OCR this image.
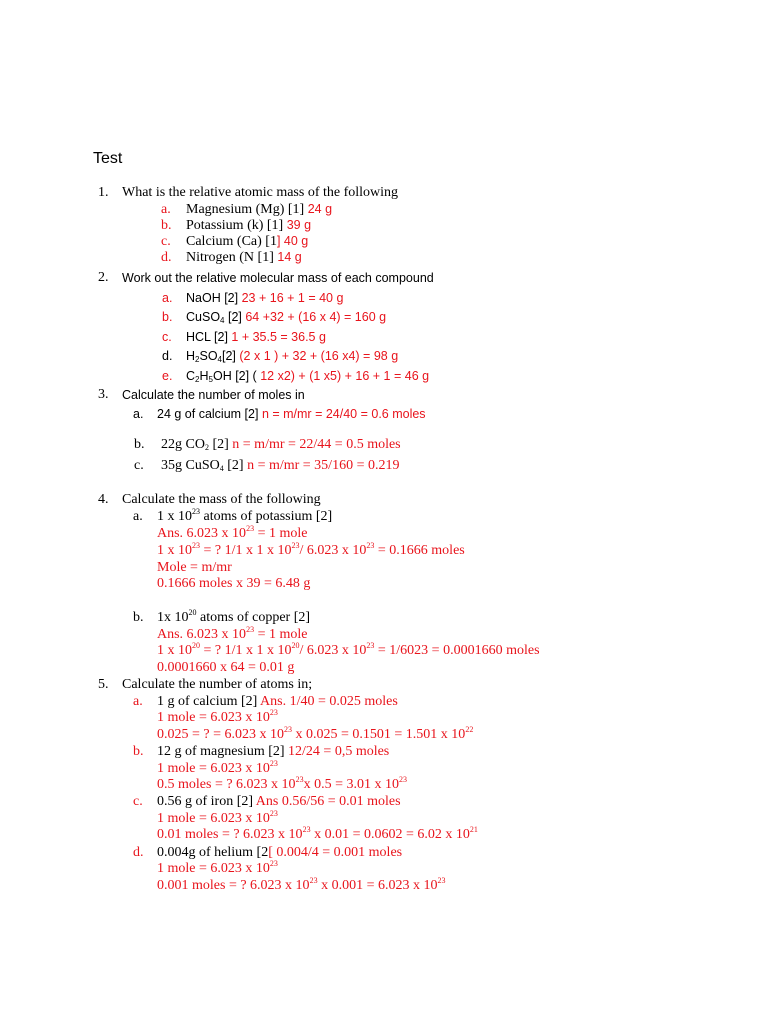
Test
1. What is the relative atomic mass of the following
a. Magnesium (Mg) [1] 24 g
b. Potassium (k) [1] 39 g
c. Calcium (Ca) [1] 40 g
d. Nitrogen (N [1] 14 g
2. Work out the relative molecular mass of each compound
a. NaOH [2] 23 + 16 + 1 = 40 g
b. CuSO$_4$ [2] 64 +32 + (16 x 4) = 160 g
c. HCL [2] 1 + 35.5 = 36.5 g
d. $H_2SO_4[2]$ (2 x 1 ) + 32 + (16 x4) = 98 g
e. $C_2H_5OH$ [2] ( 12 x2) + (1 x5) + 16 + 1 = 46 g
3. Calculate the number of moles in
a. 24 g of calcium [2] n = m/mr = 24/40 = 0.6 moles
b. 22g $CO_2$ [2] n = m/mr = 22/44 = 0.5 moles
c. 35g CuSO$_4$ [2] n = m/mr = 35/160 = 0.219
4. Calculate the mass of the following
a. 1 x $10^{23}$ atoms of potassium [2]
Ans. 6.023 x $10^{23} = 1$ mole
1 x $10^{23}$ = ? 1/1 x 1 x $10^{23}/$ 6.023 x $10^{23} = 0.1666$ moles
Mole = m/mr
0.1666 moles x 39 = 6.48 g
b. 1x $10^{20}$ atoms of copper [2]
Ans. 6.023 x $10^{23} = 1$ mole
1 x $10^{20}$ = ? 1/1 x 1 x $10^{20}/$ 6.023 x $10^{23} = 1/6023 = 0.0001660$ moles
0.0001660 x 64 = 0.01 g
5. Calculate the number of atoms in;
a. 1 g of calcium [2] Ans. 1/40 = 0.025 moles
1 mole = 6.023 x $10^{23}$
0.025 = ? = 6.023 x $10^{23}$ x 0.025 = 0.1501 = 1.501 x $10^{22}$
b. 12 g of magnesium [2] 12/24 = 0,5 moles
1 mole = 6.023 x $10^{23}$
0.5 moles = ? 6.023 x $10^{23}x$ 0.5 = 3.01 x $10^{23}$
c. 0.56 g of iron [2] Ans 0.56/56 = 0.01 moles
1 mole = 6.023 x $10^{23}$
0.01 moles = ? 6.023 x $10^{23}$ x 0.01 = 0.0602 = 6.02 x $10^{21}$
d. 0.004g of helium [2[ 0.004/4 = 0.001 moles
1 mole = 6.023 x $10^{23}$
0.001 moles = ? 6.023 x $10^{23}$ x 0.001 = 6.023 x $10^{23}$
